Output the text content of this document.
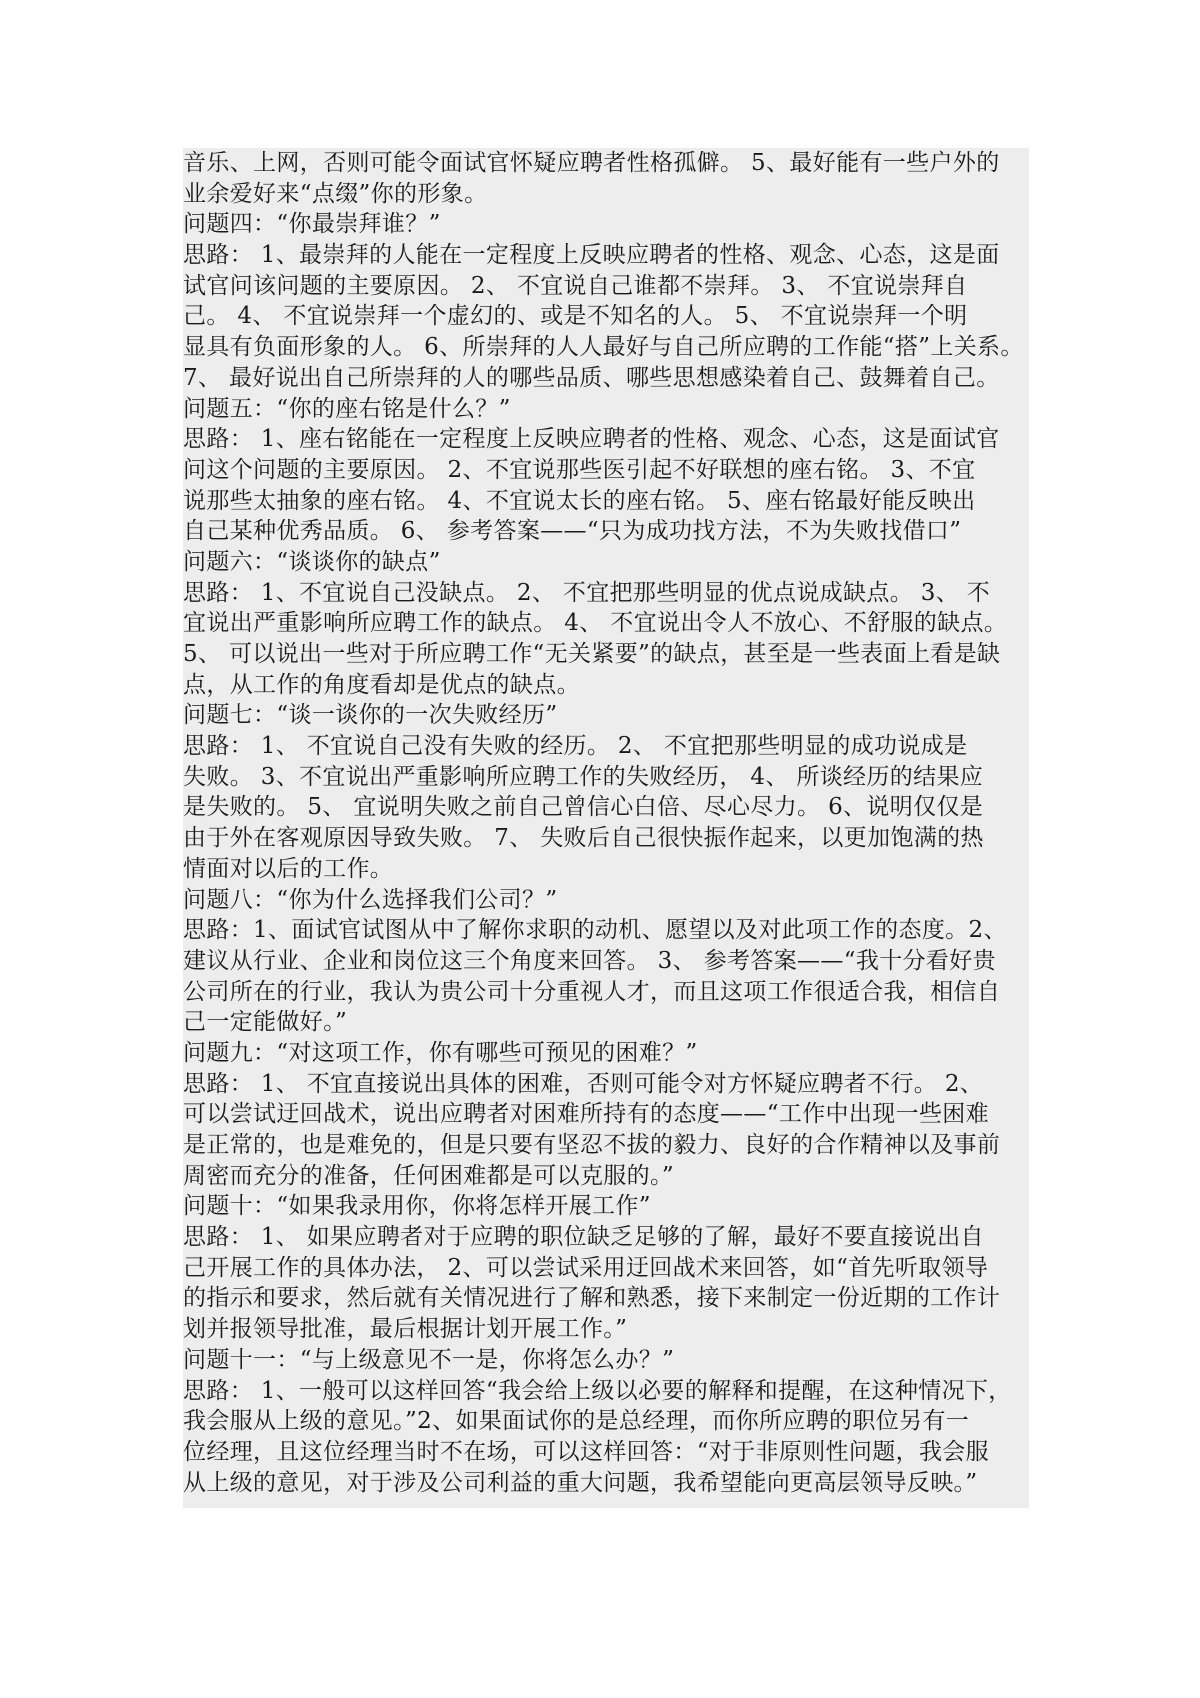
音乐、上网，否则可能令面试官怀疑应聘者性格孤僻。 5、最好能有一些户外的
业余爱好来“点缀”你的形象。
问题四：“你最崇拜谁？”
思路： 1、最崇拜的人能在一定程度上反映应聘者的性格、观念、心态，这是面
试官问该问题的主要原因。 2、 不宜说自己谁都不崇拜。 3、 不宜说崇拜自
己。 4、 不宜说崇拜一个虚幻的、或是不知名的人。 5、 不宜说崇拜一个明
显具有负面形象的人。 6、所崇拜的人人最好与自己所应聘的工作能“搭”上关系。
7、 最好说出自己所崇拜的人的哪些品质、哪些思想感染着自己、鼓舞着自己。
问题五：“你的座右铭是什么？”
思路： 1、座右铭能在一定程度上反映应聘者的性格、观念、心态，这是面试官
问这个问题的主要原因。 2、不宜说那些医引起不好联想的座右铭。 3、不宜
说那些太抽象的座右铭。 4、不宜说太长的座右铭。 5、座右铭最好能反映出
自己某种优秀品质。 6、 参考答案——“只为成功找方法，不为失败找借口”
问题六：“谈谈你的缺点”
思路： 1、不宜说自己没缺点。 2、 不宜把那些明显的优点说成缺点。 3、 不
宜说出严重影响所应聘工作的缺点。 4、 不宜说出令人不放心、不舒服的缺点。
5、 可以说出一些对于所应聘工作“无关紧要”的缺点，甚至是一些表面上看是缺
点，从工作的角度看却是优点的缺点。
问题七：“谈一谈你的一次失败经历”
思路： 1、 不宜说自己没有失败的经历。 2、 不宜把那些明显的成功说成是
失败。 3、不宜说出严重影响所应聘工作的失败经历， 4、 所谈经历的结果应
是失败的。 5、 宜说明失败之前自己曾信心白倍、尽心尽力。 6、说明仅仅是
由于外在客观原因导致失败。 7、 失败后自己很快振作起来，以更加饱满的热
情面对以后的工作。
问题八：“你为什么选择我们公司？”
思路：1、面试官试图从中了解你求职的动机、愿望以及对此项工作的态度。2、
建议从行业、企业和岗位这三个角度来回答。 3、 参考答案——“我十分看好贵
公司所在的行业，我认为贵公司十分重视人才，而且这项工作很适合我，相信自
己一定能做好。”
问题九：“对这项工作，你有哪些可预见的困难？”
思路： 1、 不宜直接说出具体的困难，否则可能令对方怀疑应聘者不行。 2、
可以尝试迂回战术，说出应聘者对困难所持有的态度——“工作中出现一些困难
是正常的，也是难免的，但是只要有坚忍不拔的毅力、良好的合作精神以及事前
周密而充分的准备，任何困难都是可以克服的。”
问题十：“如果我录用你，你将怎样开展工作”
思路： 1、 如果应聘者对于应聘的职位缺乏足够的了解，最好不要直接说出自
己开展工作的具体办法， 2、可以尝试采用迂回战术来回答，如“首先听取领导
的指示和要求，然后就有关情况进行了解和熟悉，接下来制定一份近期的工作计
划并报领导批准，最后根据计划开展工作。”
问题十一：“与上级意见不一是，你将怎么办？”
思路： 1、一般可以这样回答“我会给上级以必要的解释和提醒，在这种情况下，
我会服从上级的意见。”2、如果面试你的是总经理，而你所应聘的职位另有一
位经理，且这位经理当时不在场，可以这样回答：“对于非原则性问题，我会服
从上级的意见，对于涉及公司利益的重大问题，我希望能向更高层领导反映。”
